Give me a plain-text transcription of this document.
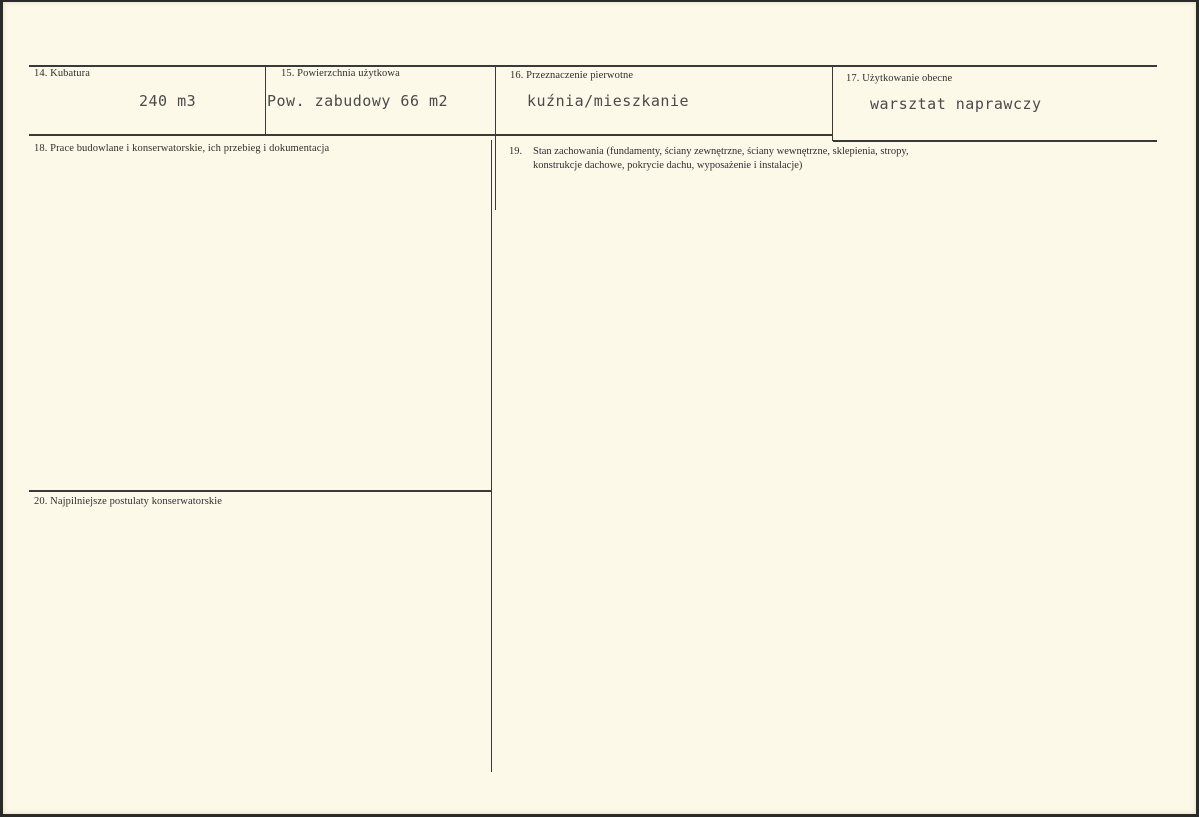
14. Kubatura
240 m3
15. Powierzchnia użytkowa
Pow. zabudowy 66 m2
16. Przeznaczenie pierwotne
kuźnia/mieszkanie
17. Użytkowanie obecne
warsztat naprawczy
18. Prace budowlane i konserwatorskie, ich przebieg i dokumentacja	19. Stan zachowania (fundamenty, ściany zewnętrzne, ściany wewnętrzne, sklepienia, stropy,
konstrukcje dachowe, pokrycie dachu, wyposażenie i instalacje)
20. Najpilniejsze postulaty konserwatorskie
